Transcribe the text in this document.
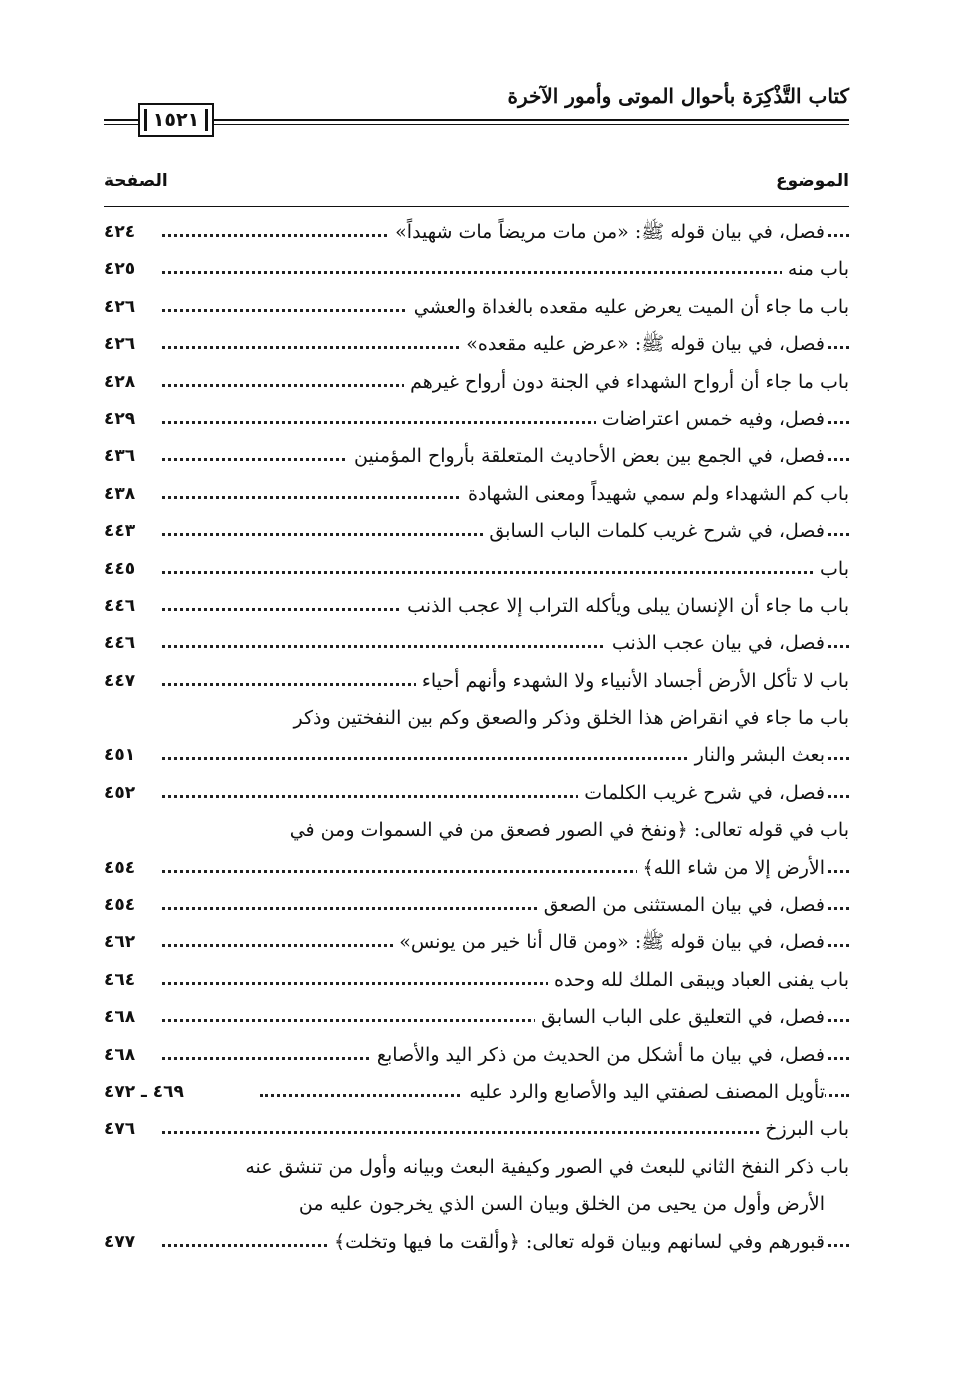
كتاب التَّذْكِرَة بأحوال الموتى وأمور الآخرة
١٥٢١
الموضوع
الصفحة
فصل، في بيان قوله ﷺ: «من مات مريضاً مات شهيداً»
٤٢٤
باب منه
٤٢٥
باب ما جاء أن الميت يعرض عليه مقعده بالغداة والعشي
٤٢٦
فصل، في بيان قوله ﷺ: «عرض عليه مقعده»
٤٢٦
باب ما جاء أن أرواح الشهداء في الجنة دون أرواح غيرهم
٤٢٨
فصل، وفيه خمس اعتراضات
٤٢٩
فصل، في الجمع بين بعض الأحاديث المتعلقة بأرواح المؤمنين
٤٣٦
باب كم الشهداء ولم سمي شهيداً ومعنى الشهادة
٤٣٨
فصل، في شرح غريب كلمات الباب السابق
٤٤٣
باب
٤٤٥
باب ما جاء أن الإنسان يبلى ويأكله التراب إلا عجب الذنب
٤٤٦
فصل، في بيان عجب الذنب
٤٤٦
باب لا تأكل الأرض أجساد الأنبياء ولا الشهدء وأنهم أحياء
٤٤٧
باب ما جاء في انقراض هذا الخلق وذكر والصعق وكم بين النفختين وذكر
بعث البشر والنار
٤٥١
فصل، في شرح غريب الكلمات
٤٥٢
باب في قوله تعالى: ﴿ونفخ في الصور فصعق من في السموات ومن في
الأرض إلا من شاء الله﴾
٤٥٤
فصل، في بيان المستثنى من الصعق
٤٥٤
فصل، في بيان قوله ﷺ: «ومن قال أنا خير من يونس»
٤٦٢
باب يفنى العباد ويبقى الملك لله وحده
٤٦٤
فصل، في التعليق على الباب السابق
٤٦٨
فصل، في بيان ما أشكل من الحديث من ذكر اليد والأصابع
٤٦٨
تأويل المصنف لصفتي اليد والأصابع والرد عليه
٤٦٩ ـ ٤٧٢
باب البرزخ
٤٧٦
باب ذكر النفخ الثاني للبعث في الصور وكيفية البعث وبيانه وأول من تنشق عنه
الأرض وأول من يحيى من الخلق وبيان السن الذي يخرجون عليه من
قبورهم وفي لسانهم وبيان قوله تعالى: ﴿وألقت ما فيها وتخلت﴾
٤٧٧
